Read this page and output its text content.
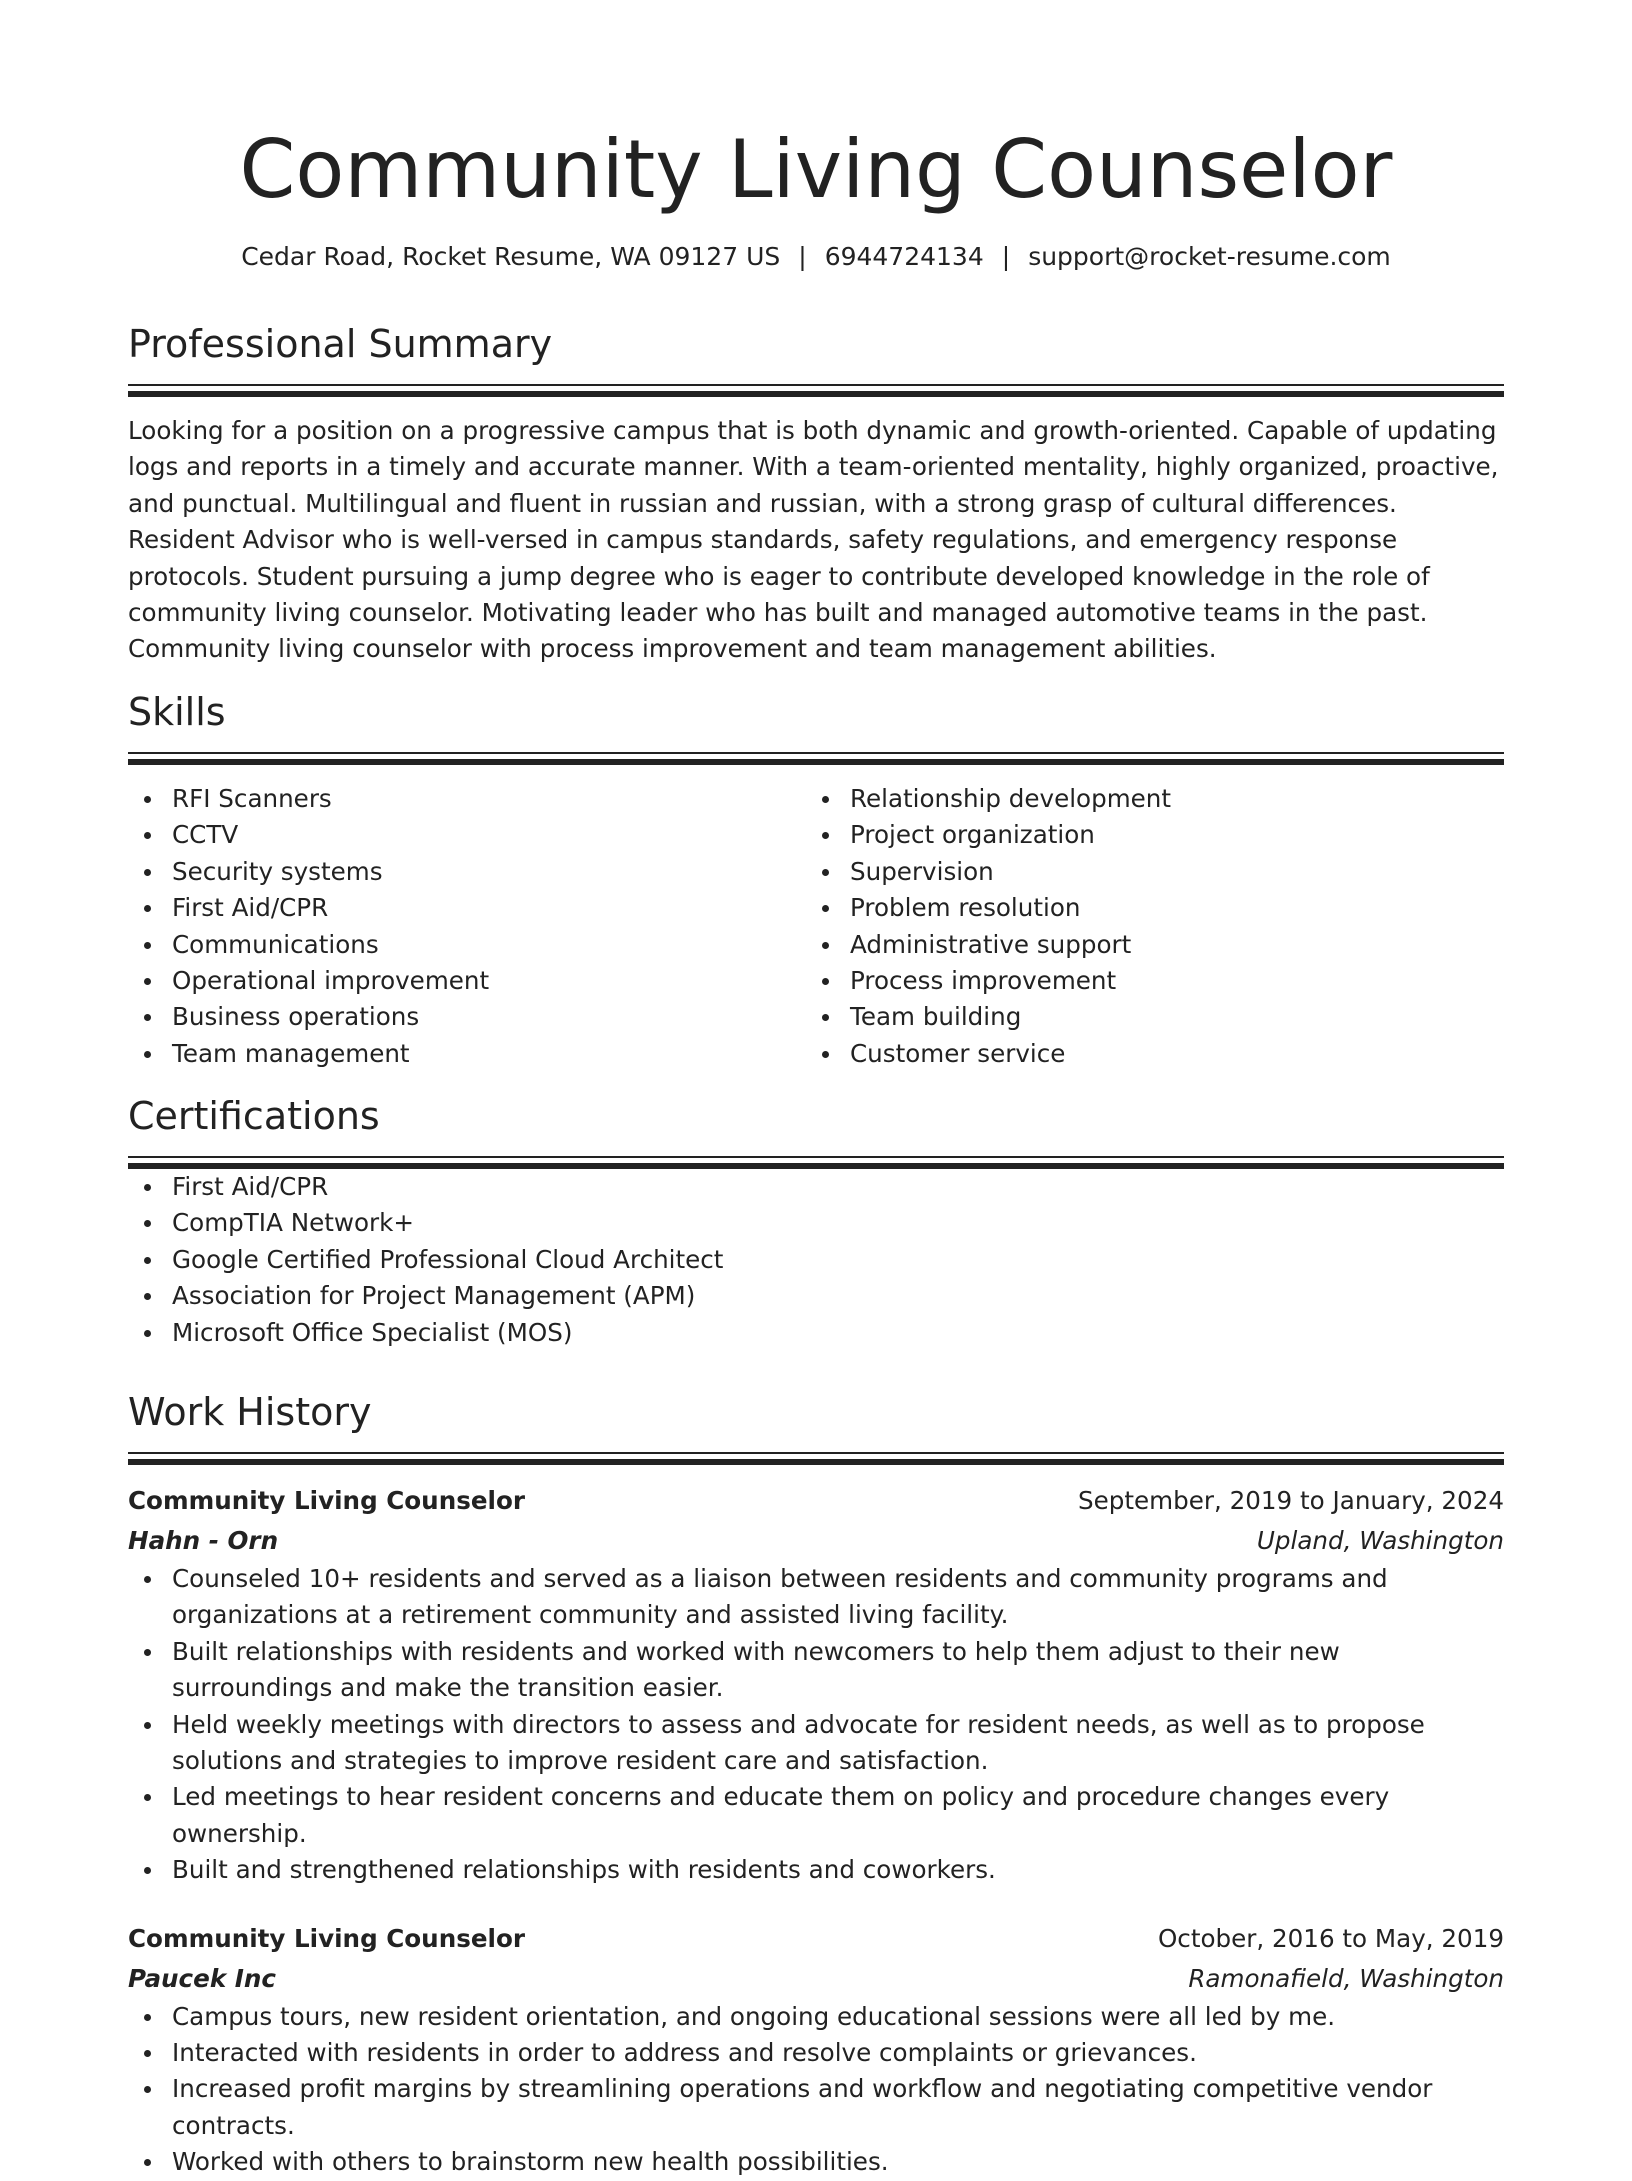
Community Living Counselor
Cedar Road, Rocket Resume, WA 09127 US | 6944724134 | support@rocket-resume.com
Professional Summary
Looking for a position on a progressive campus that is both dynamic and growth-oriented. Capable of updating logs and reports in a timely and accurate manner. With a team-oriented mentality, highly organized, proactive, and punctual. Multilingual and fluent in russian and russian, with a strong grasp of cultural differences. Resident Advisor who is well-versed in campus standards, safety regulations, and emergency response protocols. Student pursuing a jump degree who is eager to contribute developed knowledge in the role of community living counselor. Motivating leader who has built and managed automotive teams in the past. Community living counselor with process improvement and team management abilities.
Skills
RFI Scanners
CCTV
Security systems
First Aid/CPR
Communications
Operational improvement
Business operations
Team management
Relationship development
Project organization
Supervision
Problem resolution
Administrative support
Process improvement
Team building
Customer service
Certifications
First Aid/CPR
CompTIA Network+
Google Certified Professional Cloud Architect
Association for Project Management (APM)
Microsoft Office Specialist (MOS)
Work History
Community Living Counselor	September, 2019 to January, 2024
Hahn - Orn	Upland, Washington
Counseled 10+ residents and served as a liaison between residents and community programs and organizations at a retirement community and assisted living facility.
Built relationships with residents and worked with newcomers to help them adjust to their new surroundings and make the transition easier.
Held weekly meetings with directors to assess and advocate for resident needs, as well as to propose solutions and strategies to improve resident care and satisfaction.
Led meetings to hear resident concerns and educate them on policy and procedure changes every ownership.
Built and strengthened relationships with residents and coworkers.
Community Living Counselor	October, 2016 to May, 2019
Paucek Inc	Ramonafield, Washington
Campus tours, new resident orientation, and ongoing educational sessions were all led by me.
Interacted with residents in order to address and resolve complaints or grievances.
Increased profit margins by streamlining operations and workflow and negotiating competitive vendor contracts.
Worked with others to brainstorm new health possibilities.
